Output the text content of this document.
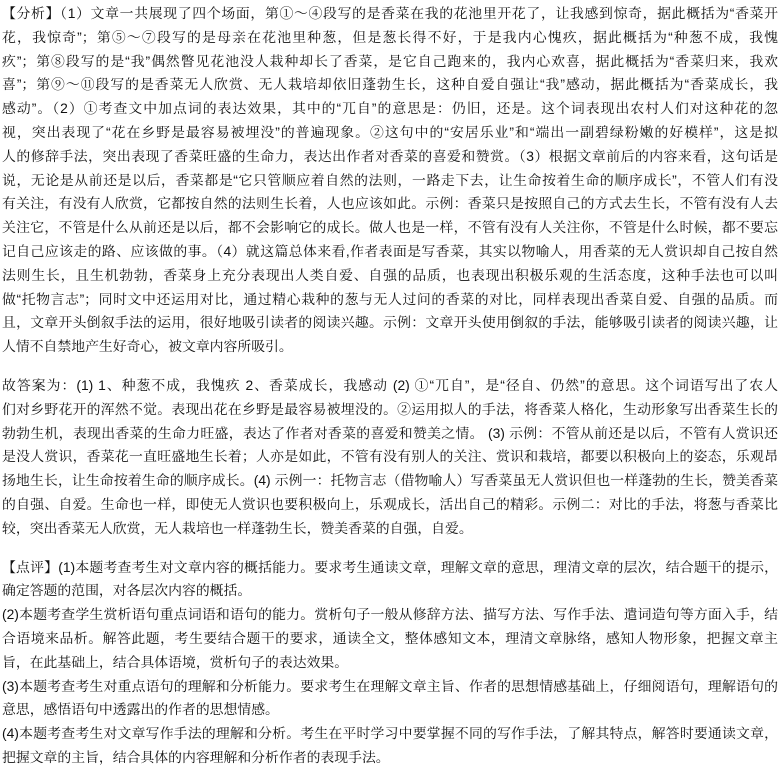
【分析】（1）文章一共展现了四个场面，第①～④段写的是香菜在我的花池里开花了，让我感到惊奇，据此概括为“香菜开
花，我惊奇”；第⑤～⑦段写的是母亲在花池里种葱，但是葱长得不好，于是我内心愧疚，据此概括为“种葱不成，我愧
疚”；第⑧段写的是“我”偶然瞥见花池没人栽种却长了香菜，是它自己跑来的，我内心欢喜，据此概括为“香菜归来，我欢
喜”；第⑨～⑪段写的是香菜无人欣赏、无人栽培却依旧蓬勃生长，这种自爱自强让“我”感动，据此概括为“香菜成长，我
感动”。（2）①考查文中加点词的表达效果，其中的“兀自”的意思是：仍旧，还是。这个词表现出农村人们对这种花的忽
视，突出表现了“花在乡野是最容易被埋没”的普遍现象。②这句中的“安居乐业”和“端出一副碧绿粉嫩的好模样”，这是拟
人的修辞手法，突出表现了香菜旺盛的生命力，表达出作者对香菜的喜爱和赞赏。（3）根据文章前后的内容来看，这句话是
说，无论是从前还是以后，香菜都是“它只管顺应着自然的法则，一路走下去，让生命按着生命的顺序成长”，不管人们有没
有关注，有没有人欣赏，它都按自然的法则生长着，人也应该如此。示例：香菜只是按照自己的方式去生长，不管有没有人去
关注它，不管是什么从前还是以后，都不会影响它的成长。做人也是一样，不管有没有人关注你，不管是什么时候，都不要忘
记自己应该走的路、应该做的事。（4）就这篇总体来看,作者表面是写香菜，其实以物喻人，用香菜的无人赏识却自己按自然
法则生长，且生机勃勃，香菜身上充分表现出人类自爱、自强的品质，也表现出积极乐观的生活态度，这种手法也可以叫
做“托物言志”；同时文中还运用对比，通过精心栽种的葱与无人过问的香菜的对比，同样表现出香菜自爱、自强的品质。而
且，文章开头倒叙手法的运用，很好地吸引读者的阅读兴趣。示例：文章开头使用倒叙的手法，能够吸引读者的阅读兴趣，让
人情不自禁地产生好奇心，被文章内容所吸引。
故答案为：(1) 1、种葱不成，我愧疚 2、香菜成长，我感动 (2) ①“兀自”，是“径自、仍然”的意思。这个词语写出了农人
们对乡野花开的浑然不觉。表现出花在乡野是最容易被埋没的。②运用拟人的手法，将香菜人格化，生动形象写出香菜生长的
勃勃生机，表现出香菜的生命力旺盛，表达了作者对香菜的喜爱和赞美之情。 (3) 示例：不管从前还是以后，不管有人赏识还
是没人赏识，香菜花一直旺盛地生长着；人亦是如此，不管有没有别人的关注、赏识和栽培，都要以积极向上的姿态，乐观昂
扬地生长，让生命按着生命的顺序成长。(4) 示例一：托物言志（借物喻人）写香菜虽无人赏识但也一样蓬勃的生长，赞美香菜
的自强、自爱。生命也一样，即使无人赏识也要积极向上，乐观成长，活出自己的精彩。示例二：对比的手法，将葱与香菜比
较，突出香菜无人欣赏，无人栽培也一样蓬勃生长，赞美香菜的自强，自爱。
【点评】(1)本题考查考生对文章内容的概括能力。要求考生通读文章，理解文章的意思，理清文章的层次，结合题干的提示，
确定答题的范围，对各层次内容的概括。
(2)本题考查学生赏析语句重点词语和语句的能力。赏析句子一般从修辞方法、描写方法、写作手法、遣词造句等方面入手，结
合语境来品析。解答此题，考生要结合题干的要求，通读全文，整体感知文本，理清文章脉络，感知人物形象，把握文章主
旨，在此基础上，结合具体语境，赏析句子的表达效果。
(3)本题考查考生对重点语句的理解和分析能力。要求考生在理解文章主旨、作者的思想情感基础上，仔细阅语句，理解语句的
意思，感悟语句中透露出的作者的思想情感。
(4)本题考查考生对文章写作手法的理解和分析。考生在平时学习中要掌握不同的写作手法，了解其特点，解答时要通读文章，
把握文章的主旨，结合具体的内容理解和分析作者的表现手法。
